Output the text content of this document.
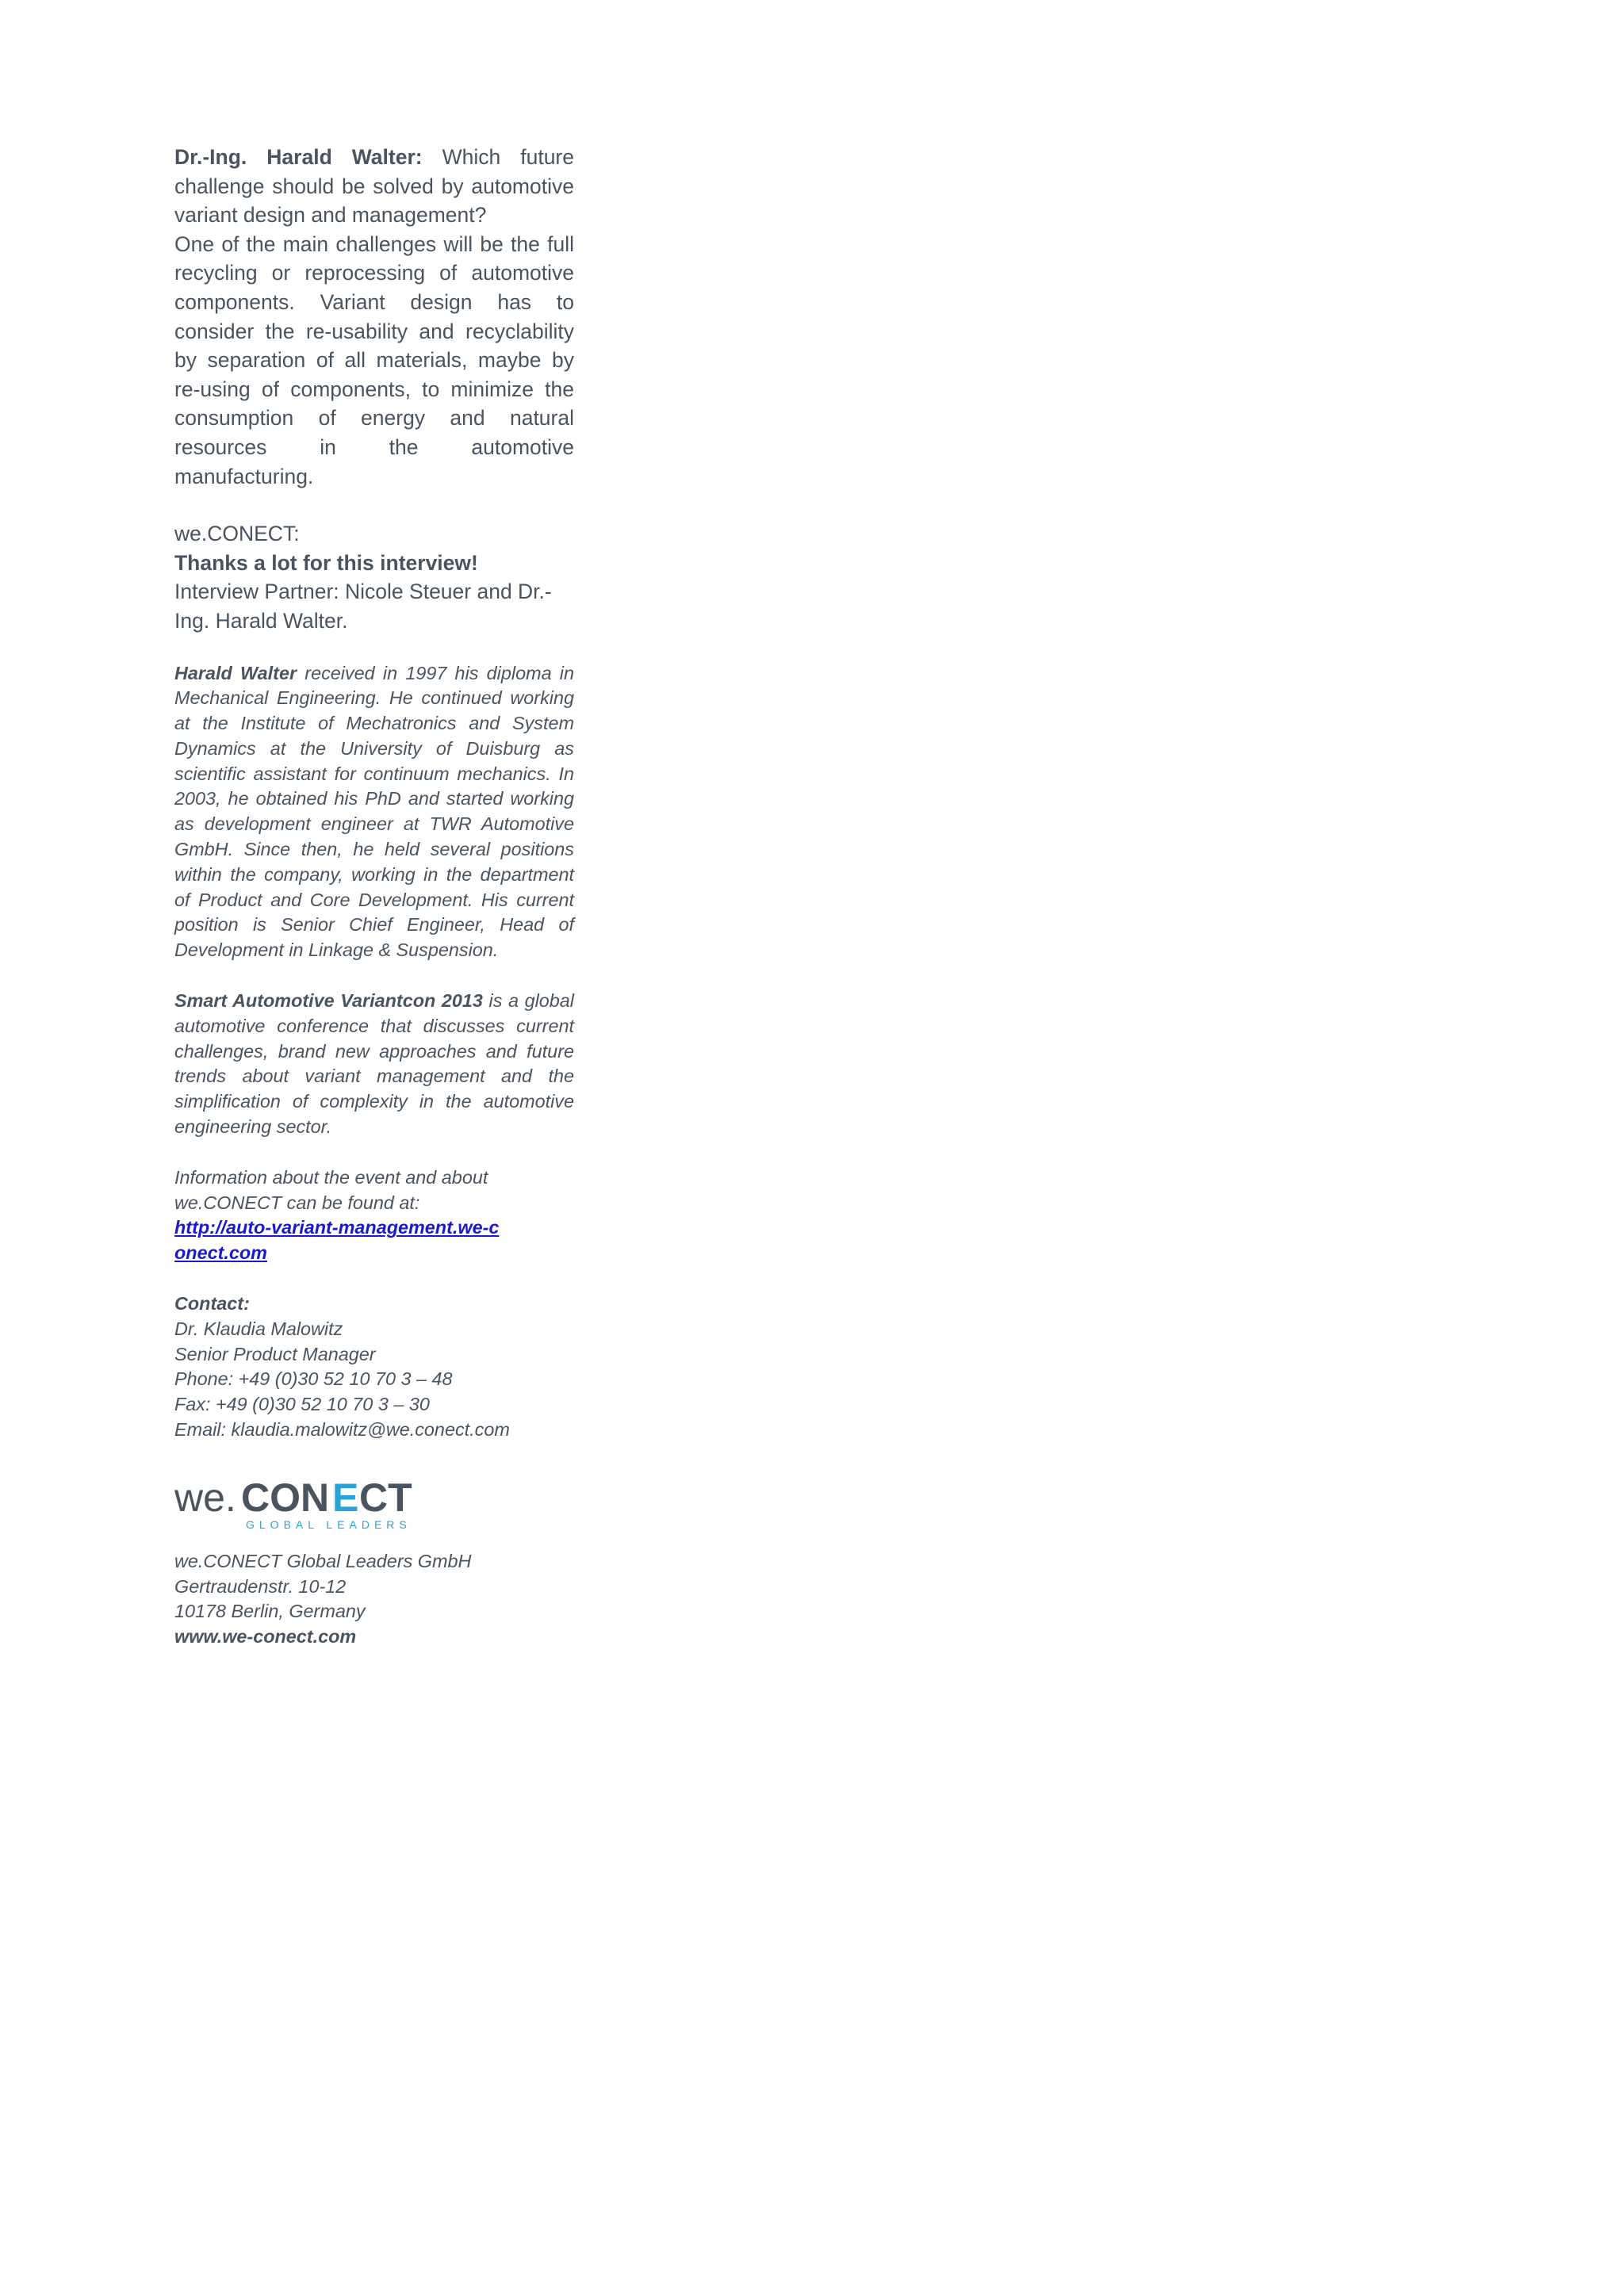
Dr.-Ing. Harald Walter: Which future challenge should be solved by automotive variant design and management?

One of the main challenges will be the full recycling or reprocessing of automotive components. Variant design has to consider the re-usability and recyclability by separation of all materials, maybe by re-using of components, to minimize the consumption of energy and natural resources in the automotive manufacturing.

we.CONECT:

Thanks a lot for this interview!

Interview Partner: Nicole Steuer and Dr.-Ing. Harald Walter.

Harald Walter received in 1997 his diploma in Mechanical Engineering. He continued working at the Institute of Mechatronics and System Dynamics at the University of Duisburg as scientific assistant for continuum mechanics. In 2003, he obtained his PhD and started working as development engineer at TWR Automotive GmbH. Since then, he held several positions within the company, working in the department of Product and Core Development. His current position is Senior Chief Engineer, Head of Development in Linkage & Suspension.

Smart Automotive Variantcon 2013 is a global automotive conference that discusses current challenges, brand new approaches and future trends about variant management and the simplification of complexity in the automotive engineering sector.

Information about the event and about we.CONECT can be found at:

http://auto-variant-management.we-conect.com

Contact:

Dr. Klaudia Malowitz

Senior Product Manager

Phone: +49 (0)30 52 10 70 3 – 48

Fax: +49 (0)30 52 10 70 3 – 30

Email: klaudia.malowitz@we.conect.com

we. CON E CT
GLOBAL LEADERS

we.CONECT Global Leaders GmbH

Gertraudenstr. 10-12

10178 Berlin, Germany

www.we-conect.com
